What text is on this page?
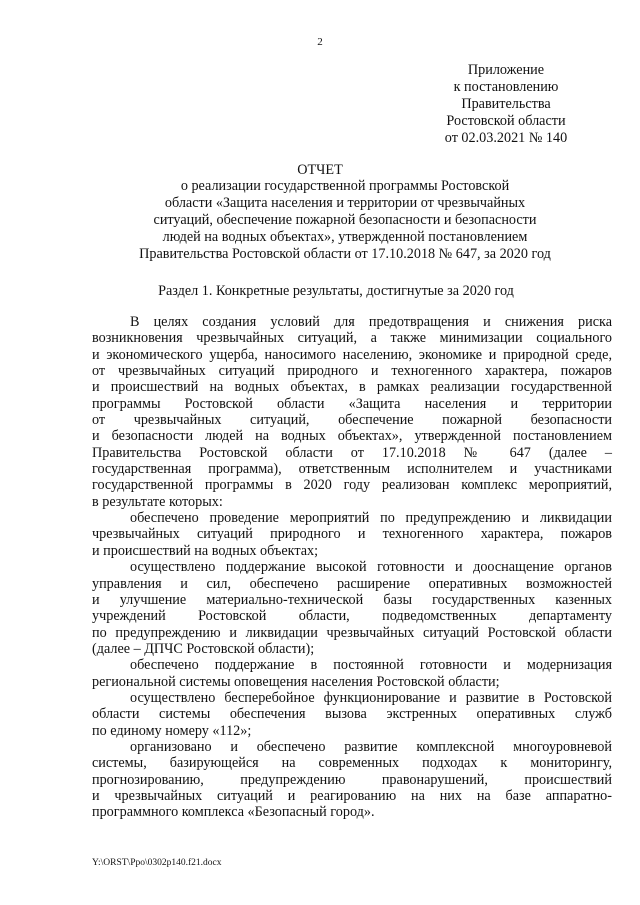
2
Приложение
к постановлению
Правительства
Ростовской области
от 02.03.2021 № 140
ОТЧЕТ
о реализации государственной программы Ростовской
области «Защита населения и территории от чрезвычайных
ситуаций, обеспечение пожарной безопасности и безопасности
людей на водных объектах», утвержденной постановлением
Правительства Ростовской области от 17.10.2018 № 647, за 2020 год
Раздел 1. Конкретные результаты, достигнутые за 2020 год
В целях создания условий для предотвращения и снижения риска
возникновения чрезвычайных ситуаций, а также минимизации социального
и экономического ущерба, наносимого населению, экономике и природной среде,
от чрезвычайных ситуаций природного и техногенного характера, пожаров
и происшествий на водных объектах, в рамках реализации государственной
программы Ростовской области «Защита населения и территории
от чрезвычайных ситуаций, обеспечение пожарной безопасности
и безопасности людей на водных объектах», утвержденной постановлением
Правительства Ростовской области от 17.10.2018 № 647 (далее –
государственная программа), ответственным исполнителем и участниками
государственной программы в 2020 году реализован комплекс мероприятий,
в результате которых:
обеспечено проведение мероприятий по предупреждению и ликвидации
чрезвычайных ситуаций природного и техногенного характера, пожаров
и происшествий на водных объектах;
осуществлено поддержание высокой готовности и дооснащение органов
управления и сил, обеспечено расширение оперативных возможностей
и улучшение материально-технической базы государственных казенных
учреждений Ростовской области, подведомственных департаменту
по предупреждению и ликвидации чрезвычайных ситуаций Ростовской области
(далее – ДПЧС Ростовской области);
обеспечено поддержание в постоянной готовности и модернизация
региональной системы оповещения населения Ростовской области;
осуществлено бесперебойное функционирование и развитие в Ростовской
области системы обеспечения вызова экстренных оперативных служб
по единому номеру «112»;
организовано и обеспечено развитие комплексной многоуровневой
системы, базирующейся на современных подходах к мониторингу,
прогнозированию, предупреждению правонарушений, происшествий
и чрезвычайных ситуаций и реагированию на них на базе аппаратно-
программного комплекса «Безопасный город».
Y:\ORST\Ppo\0302p140.f21.docx
